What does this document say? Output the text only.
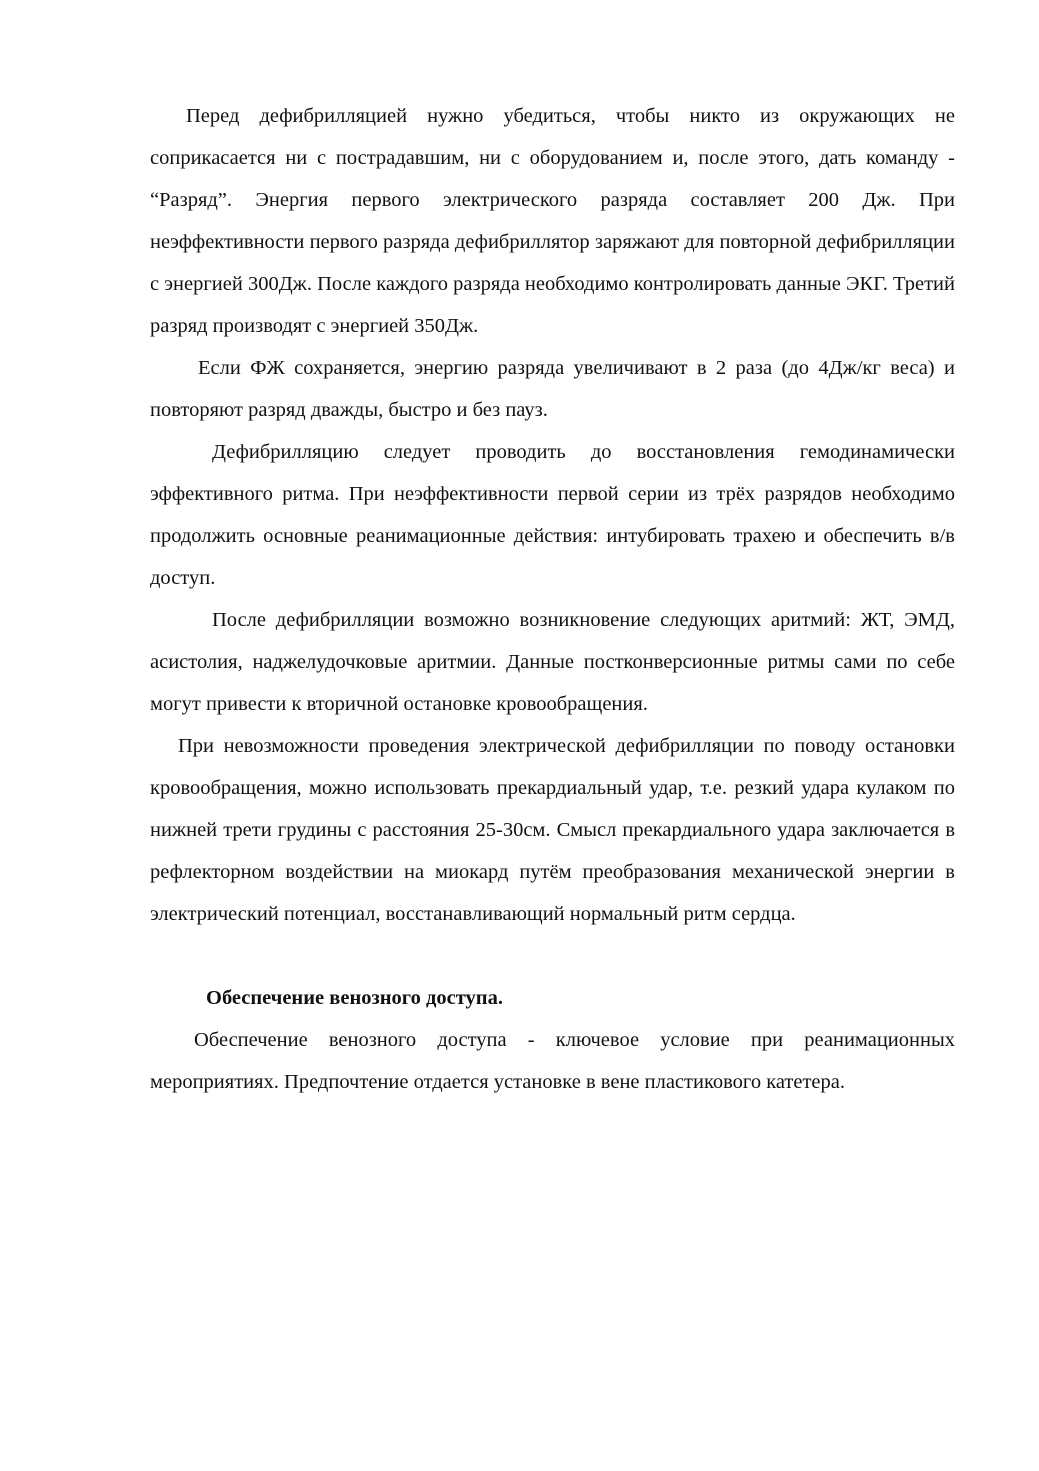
Перед дефибрилляцией нужно убедиться, чтобы никто из окружающих не соприкасается ни с пострадавшим, ни с оборудованием и, после этого, дать команду - “Разряд”. Энергия первого электрического разряда составляет 200 Дж. При неэффективности первого разряда дефибриллятор заряжают для повторной дефибрилляции с энергией 300Дж. После каждого разряда необходимо контролировать данные ЭКГ. Третий разряд производят с энергией 350Дж.

Если ФЖ сохраняется, энергию разряда увеличивают в 2 раза (до 4Дж/кг веса) и повторяют разряд дважды, быстро и без пауз.

Дефибрилляцию следует проводить до восстановления гемодинамически эффективного ритма. При неэффективности первой серии из трёх разрядов необходимо продолжить основные реанимационные действия: интубировать трахею и обеспечить в/в доступ.

После дефибрилляции возможно возникновение следующих аритмий: ЖТ, ЭМД, асистолия, наджелудочковые аритмии. Данные постконверсионные ритмы сами по себе могут привести к вторичной остановке кровообращения.

При невозможности проведения электрической дефибрилляции по поводу остановки кровообращения, можно использовать прекардиальный удар, т.е. резкий удара кулаком по нижней трети грудины с расстояния 25-30см. Смысл прекардиального удара заключается в рефлекторном воздействии на миокард путём преобразования механической энергии в электрический потенциал, восстанавливающий нормальный ритм сердца.

Обеспечение венозного доступа.

Обеспечение венозного доступа - ключевое условие при реанимационных мероприятиях. Предпочтение отдается установке в вене пластикового катетера.
